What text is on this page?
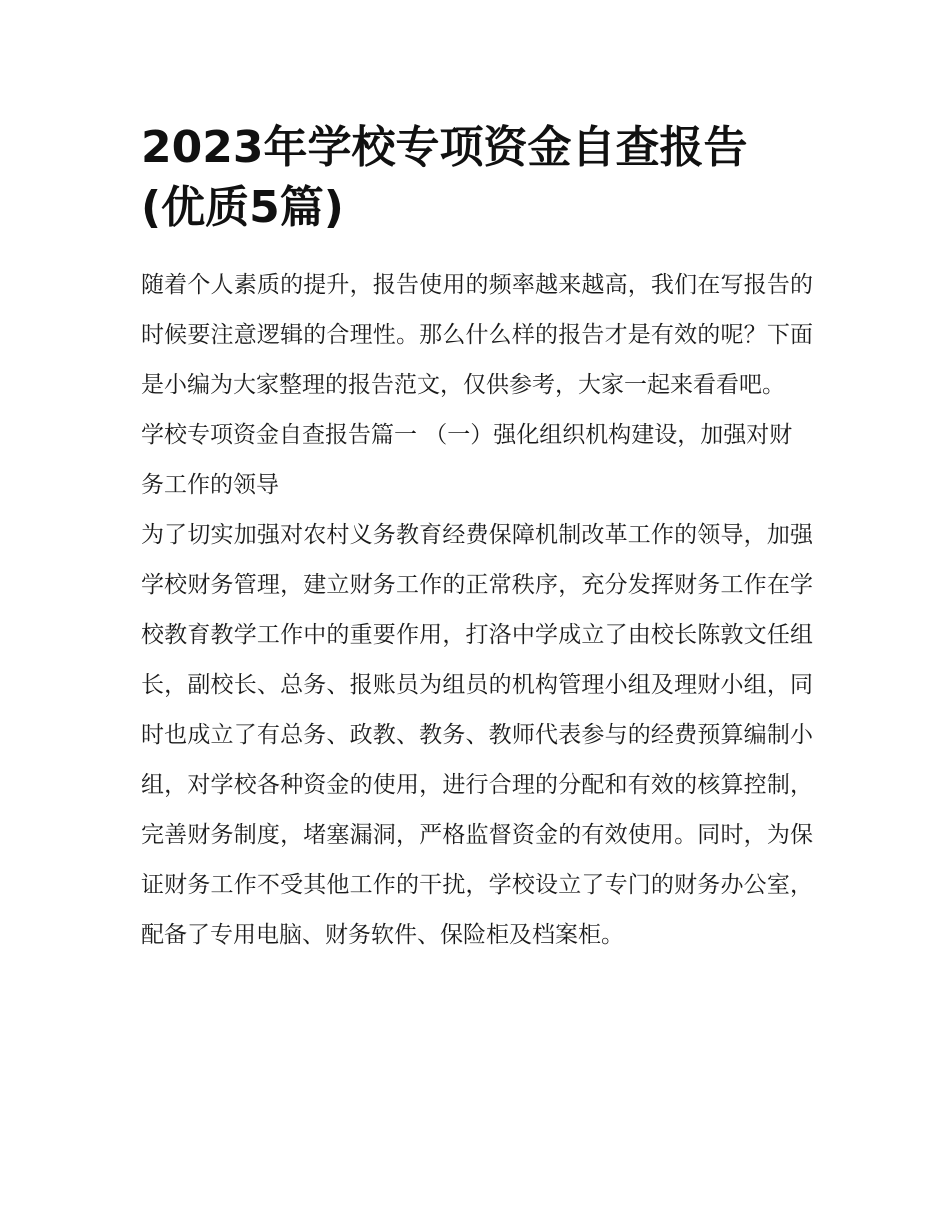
2023年学校专项资金自查报告
(优质5篇)

随着个人素质的提升，报告使用的频率越来越高，我们在写报告的时候要注意逻辑的合理性。那么什么样的报告才是有效的呢？下面是小编为大家整理的报告范文，仅供参考，大家一起来看看吧。

学校专项资金自查报告篇一 （一）强化组织机构建设，加强对财务工作的领导

为了切实加强对农村义务教育经费保障机制改革工作的领导，加强学校财务管理，建立财务工作的正常秩序，充分发挥财务工作在学校教育教学工作中的重要作用，打洛中学成立了由校长陈敦文任组长，副校长、总务、报账员为组员的机构管理小组及理财小组，同时也成立了有总务、政教、教务、教师代表参与的经费预算编制小组，对学校各种资金的使用，进行合理的分配和有效的核算控制，完善财务制度，堵塞漏洞，严格监督资金的有效使用。同时，为保证财务工作不受其他工作的干扰，学校设立了专门的财务办公室，配备了专用电脑、财务软件、保险柜及档案柜。
